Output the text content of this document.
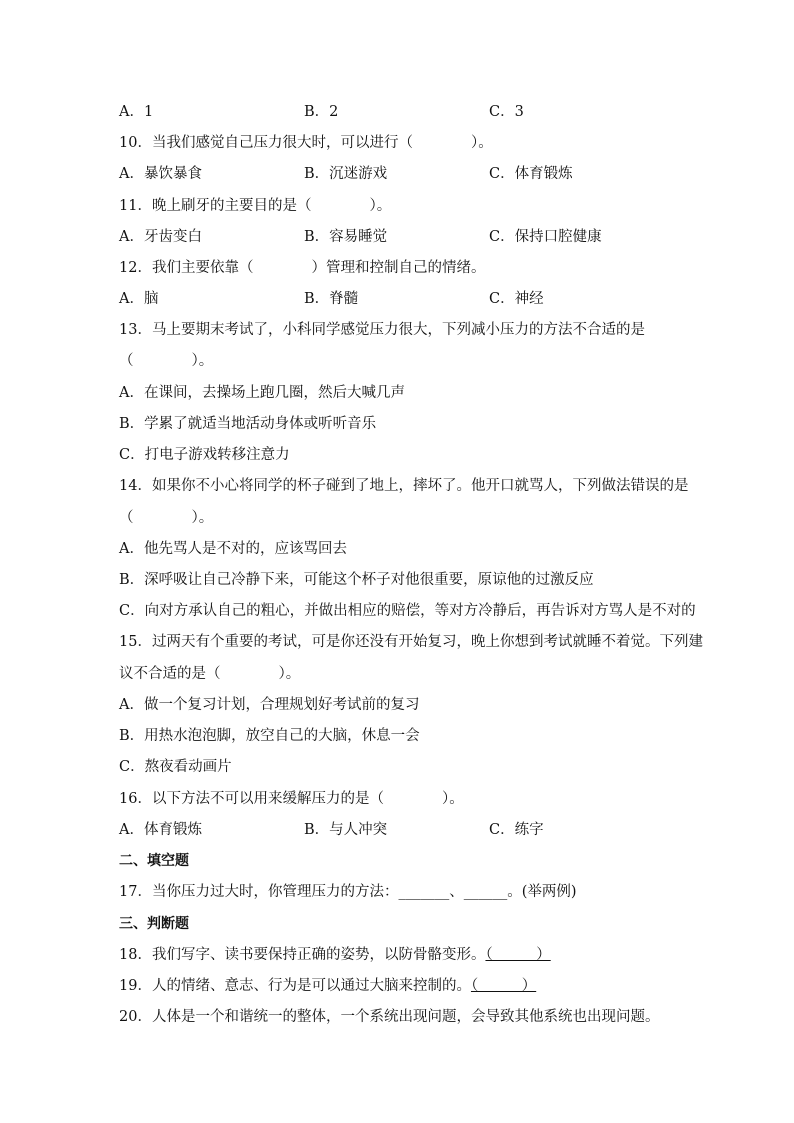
A．1	B．2	C．3
10．当我们感觉自己压力很大时，可以进行（　　　　）。
A．暴饮暴食	B．沉迷游戏	C．体育锻炼
11．晚上刷牙的主要目的是（　　　　）。
A．牙齿变白	B．容易睡觉	C．保持口腔健康
12．我们主要依靠（　　　　）管理和控制自己的情绪。
A．脑	B．脊髓	C．神经
13．马上要期末考试了，小科同学感觉压力很大，下列减小压力的方法不合适的是
（　　　　）。
A．在课间，去操场上跑几圈，然后大喊几声
B．学累了就适当地活动身体或听听音乐
C．打电子游戏转移注意力
14．如果你不小心将同学的杯子碰到了地上，摔坏了。他开口就骂人，下列做法错误的是
（　　　　）。
A．他先骂人是不对的，应该骂回去
B．深呼吸让自己冷静下来，可能这个杯子对他很重要，原谅他的过激反应
C．向对方承认自己的粗心，并做出相应的赔偿，等对方冷静后，再告诉对方骂人是不对的
15．过两天有个重要的考试，可是你还没有开始复习，晚上你想到考试就睡不着觉。下列建
议不合适的是（　　　　）。
A．做一个复习计划，合理规划好考试前的复习
B．用热水泡泡脚，放空自己的大脑，休息一会
C．熬夜看动画片
16．以下方法不可以用来缓解压力的是（　　　　）。
A．体育锻炼	B．与人冲突	C．练字
二、填空题
17．当你压力过大时，你管理压力的方法：_______、______。(举两例)
三、判断题
18．我们写字、读书要保持正确的姿势，以防骨骼变形。（　　　）
19．人的情绪、意志、行为是可以通过大脑来控制的。（　　　）
20．人体是一个和谐统一的整体，一个系统出现问题，会导致其他系统也出现问题。
